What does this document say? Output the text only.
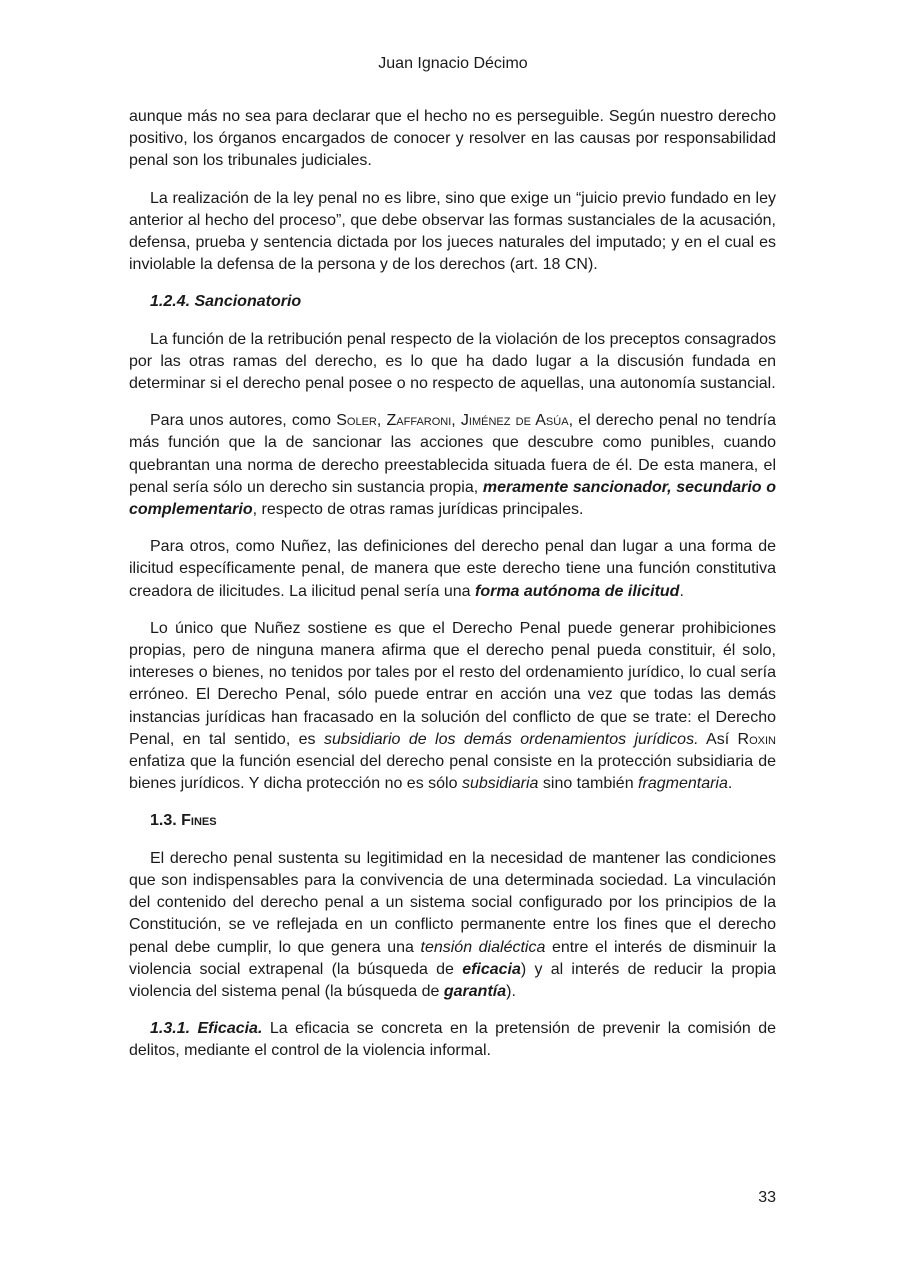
Juan Ignacio Décimo

aunque más no sea para declarar que el hecho no es perseguible. Según nuestro derecho positivo, los órganos encargados de conocer y resolver en las causas por responsabilidad penal son los tribunales judiciales.

La realización de la ley penal no es libre, sino que exige un “juicio previo fundado en ley anterior al hecho del proceso”, que debe observar las formas sustanciales de la acusación, defensa, prueba y sentencia dictada por los jueces naturales del imputado; y en el cual es inviolable la defensa de la persona y de los derechos (art. 18 CN).

1.2.4. Sancionatorio

La función de la retribución penal respecto de la violación de los preceptos consagrados por las otras ramas del derecho, es lo que ha dado lugar a la discusión fundada en determinar si el derecho penal posee o no respecto de aquellas, una autonomía sustancial.

Para unos autores, como Soler, Zaffaroni, Jiménez de Asúa, el derecho penal no tendría más función que la de sancionar las acciones que descubre como punibles, cuando quebrantan una norma de derecho preestablecida situada fuera de él. De esta manera, el penal sería sólo un derecho sin sustancia propia, meramente sancionador, secundario o complementario, respecto de otras ramas jurídicas principales.

Para otros, como Nuñez, las definiciones del derecho penal dan lugar a una forma de ilicitud específicamente penal, de manera que este derecho tiene una función constitutiva creadora de ilicitudes. La ilicitud penal sería una forma autónoma de ilicitud.

Lo único que Nuñez sostiene es que el Derecho Penal puede generar prohibiciones propias, pero de ninguna manera afirma que el derecho penal pueda constituir, él solo, intereses o bienes, no tenidos por tales por el resto del ordenamiento jurídico, lo cual sería erróneo. El Derecho Penal, sólo puede entrar en acción una vez que todas las demás instancias jurídicas han fracasado en la solución del conflicto de que se trate: el Derecho Penal, en tal sentido, es subsidiario de los demás ordenamientos jurídicos. Así Roxin enfatiza que la función esencial del derecho penal consiste en la protección subsidiaria de bienes jurídicos. Y dicha protección no es sólo subsidiaria sino también fragmentaria.

1.3. Fines

El derecho penal sustenta su legitimidad en la necesidad de mantener las condiciones que son indispensables para la convivencia de una determinada sociedad. La vinculación del contenido del derecho penal a un sistema social configurado por los principios de la Constitución, se ve reflejada en un conflicto permanente entre los fines que el derecho penal debe cumplir, lo que genera una tensión dialéctica entre el interés de disminuir la violencia social extrapenal (la búsqueda de eficacia) y al interés de reducir la propia violencia del sistema penal (la búsqueda de garantía).

1.3.1. Eficacia. La eficacia se concreta en la pretensión de prevenir la comisión de delitos, mediante el control de la violencia informal.

33
